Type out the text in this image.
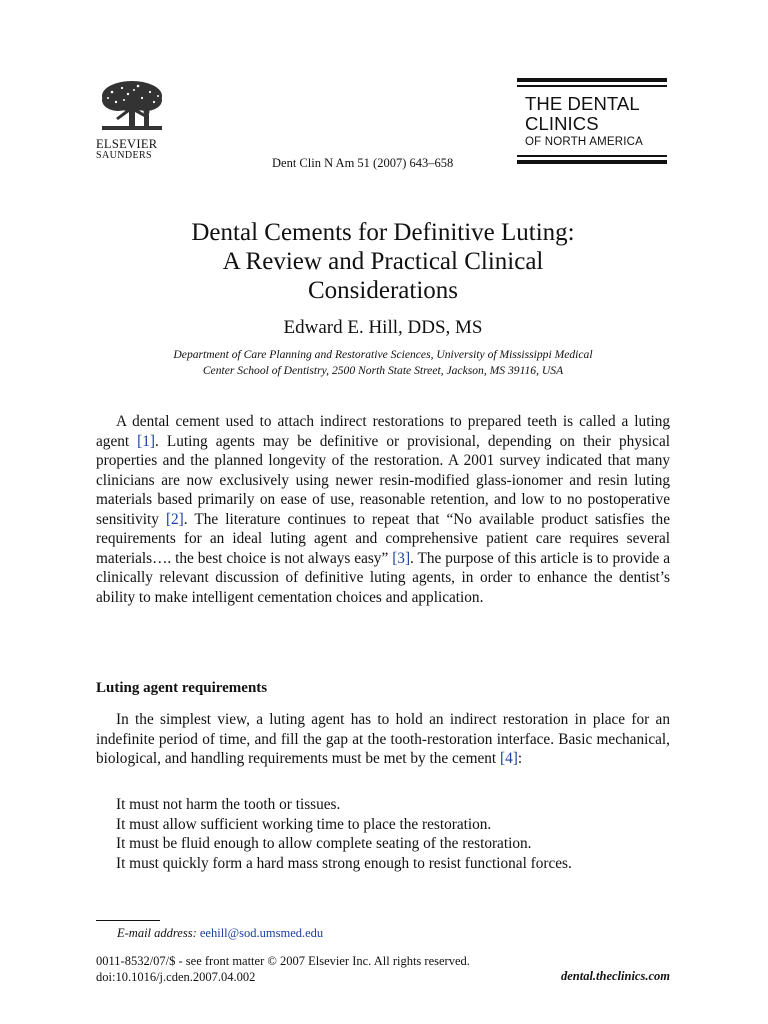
ELSEVIER
SAUNDERS
Dent Clin N Am 51 (2007) 643–658
THE DENTAL
CLINICS
OF NORTH AMERICA
Dental Cements for Definitive Luting:
A Review and Practical Clinical
Considerations
Edward E. Hill, DDS, MS
Department of Care Planning and Restorative Sciences, University of Mississippi Medical
Center School of Dentistry, 2500 North State Street, Jackson, MS 39116, USA

A dental cement used to attach indirect restorations to prepared teeth is called a luting agent [1]. Luting agents may be definitive or provisional, depending on their physical properties and the planned longevity of the restoration. A 2001 survey indicated that many clinicians are now exclusively using newer resin-modified glass-ionomer and resin luting materials based primarily on ease of use, reasonable retention, and low to no postoperative sensitivity [2]. The literature continues to repeat that “No available product satisfies the requirements for an ideal luting agent and comprehensive patient care requires several materials…. the best choice is not always easy” [3]. The purpose of this article is to provide a clinically relevant discussion of definitive luting agents, in order to enhance the dentist’s ability to make intelligent cementation choices and application.

Luting agent requirements

In the simplest view, a luting agent has to hold an indirect restoration in place for an indefinite period of time, and fill the gap at the tooth-restoration interface. Basic mechanical, biological, and handling requirements must be met by the cement [4]:

It must not harm the tooth or tissues.
It must allow sufficient working time to place the restoration.
It must be fluid enough to allow complete seating of the restoration.
It must quickly form a hard mass strong enough to resist functional forces.
E-mail address: eehill@sod.umsmed.edu
0011-8532/07/$ - see front matter © 2007 Elsevier Inc. All rights reserved.
doi:10.1016/j.cden.2007.04.002	dental.theclinics.com
